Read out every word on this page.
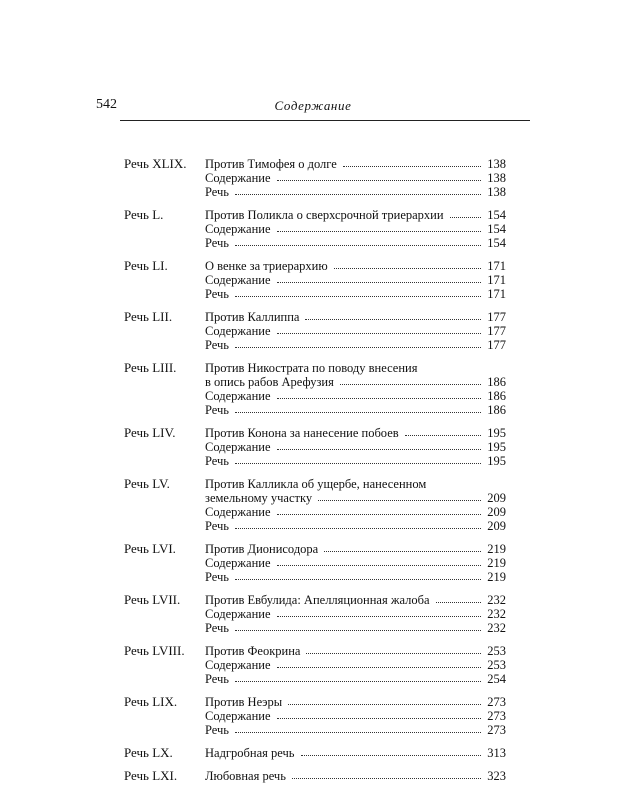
542	Содержание
Речь XLIX.	Против Тимофея о долге	138
Содержание	138
Речь	138
Речь L.	Против Поликла о сверхсрочной триерархии	154
Содержание	154
Речь	154
Речь LI.	О венке за триерархию	171
Содержание	171
Речь	171
Речь LII.	Против Каллиппа	177
Содержание	177
Речь	177
Речь LIII.	Против Никострата по поводу внесения
в опись рабов Арефузия	186
Содержание	186
Речь	186
Речь LIV.	Против Конона за нанесение побоев	195
Содержание	195
Речь	195
Речь LV.	Против Калликла об ущербе, нанесенном
земельному участку	209
Содержание	209
Речь	209
Речь LVI.	Против Дионисодора	219
Содержание	219
Речь	219
Речь LVII.	Против Евбулида: Апелляционная жалоба	232
Содержание	232
Речь	232
Речь LVIII.	Против Феокрина	253
Содержание	253
Речь	254
Речь LIX.	Против Неэры	273
Содержание	273
Речь	273
Речь LX.	Надгробная речь	313
Речь LXI.	Любовная речь	323
